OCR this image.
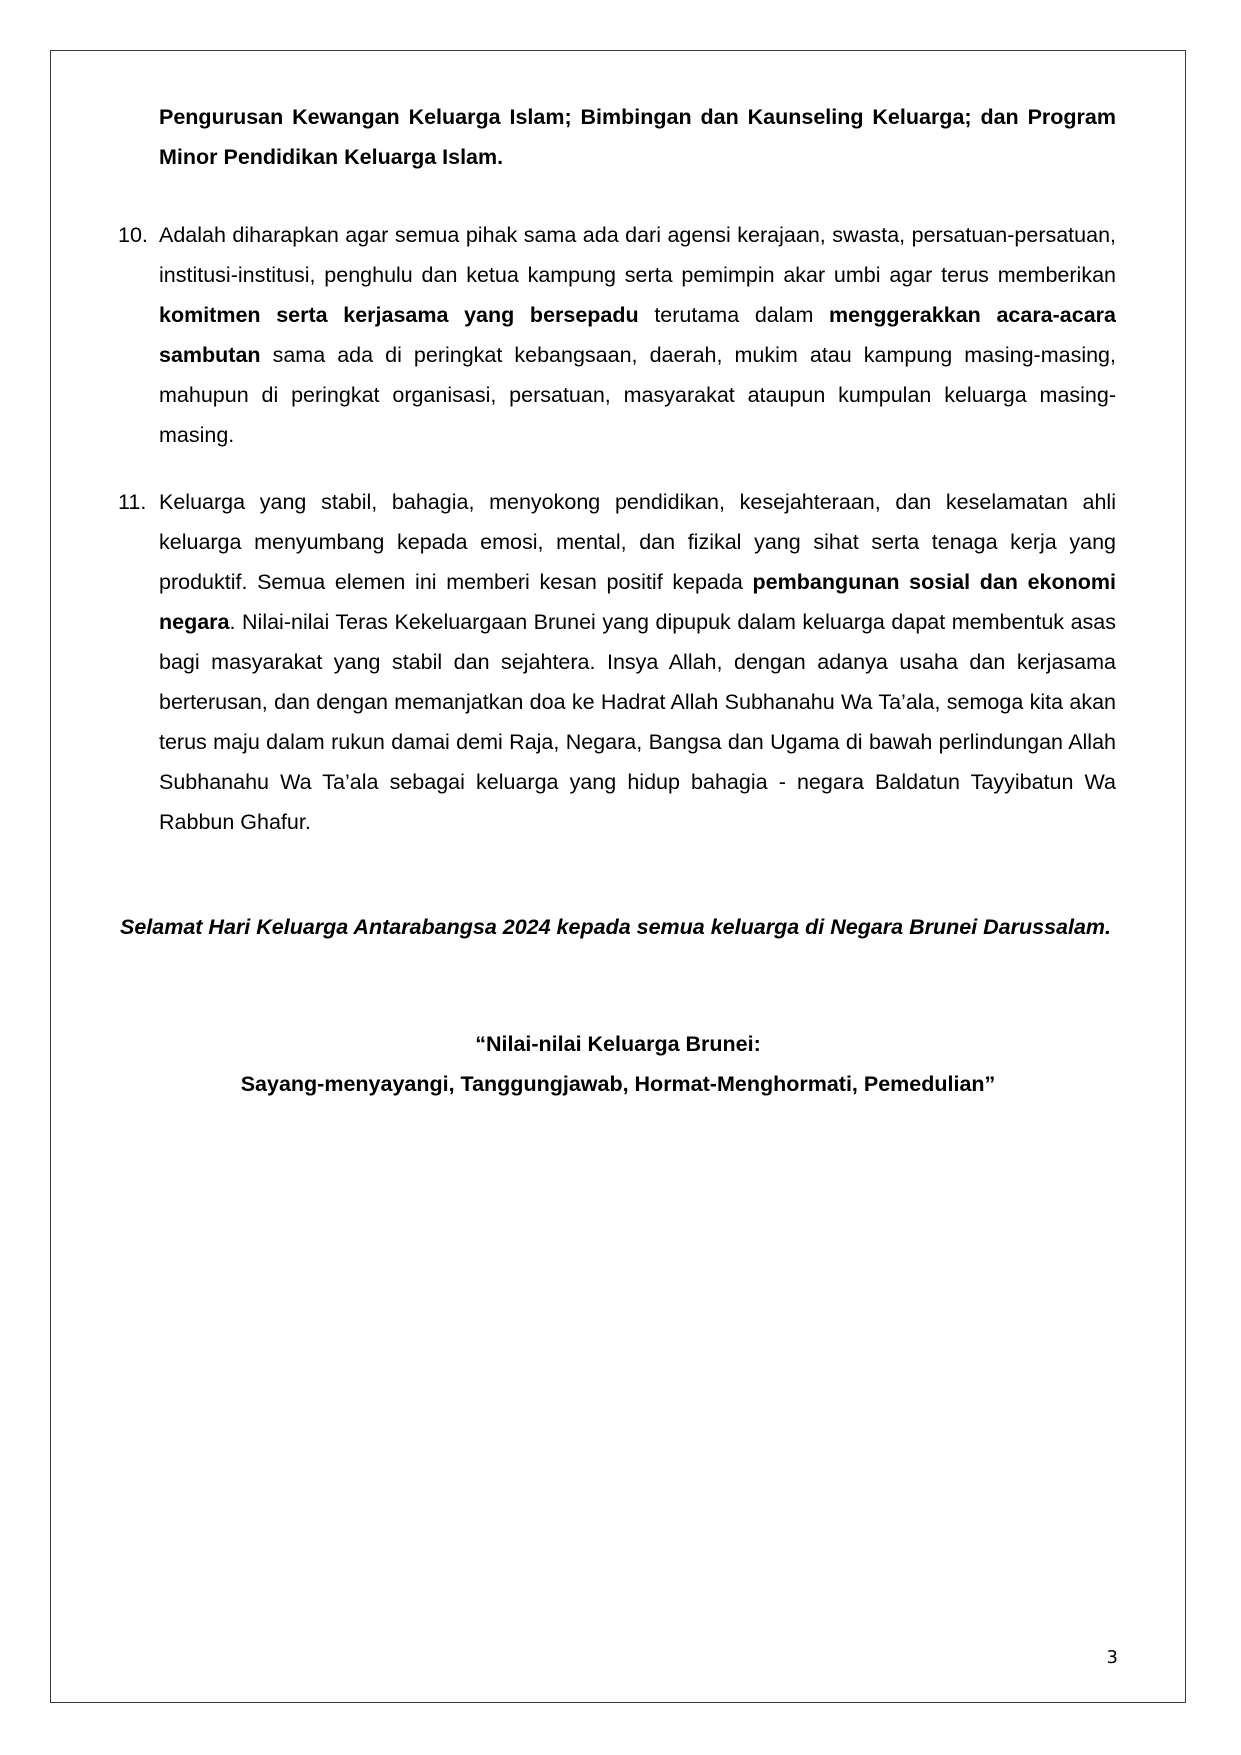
Pengurusan Kewangan Keluarga Islam; Bimbingan dan Kaunseling Keluarga; dan Program Minor Pendidikan Keluarga Islam.

10. Adalah diharapkan agar semua pihak sama ada dari agensi kerajaan, swasta, persatuan-persatuan, institusi-institusi, penghulu dan ketua kampung serta pemimpin akar umbi agar terus memberikan komitmen serta kerjasama yang bersepadu terutama dalam menggerakkan acara-acara sambutan sama ada di peringkat kebangsaan, daerah, mukim atau kampung masing-masing, mahupun di peringkat organisasi, persatuan, masyarakat ataupun kumpulan keluarga masing-masing.

11. Keluarga yang stabil, bahagia, menyokong pendidikan, kesejahteraan, dan keselamatan ahli keluarga menyumbang kepada emosi, mental, dan fizikal yang sihat serta tenaga kerja yang produktif. Semua elemen ini memberi kesan positif kepada pembangunan sosial dan ekonomi negara. Nilai-nilai Teras Kekeluargaan Brunei yang dipupuk dalam keluarga dapat membentuk asas bagi masyarakat yang stabil dan sejahtera. Insya Allah, dengan adanya usaha dan kerjasama berterusan, dan dengan memanjatkan doa ke Hadrat Allah Subhanahu Wa Ta’ala, semoga kita akan terus maju dalam rukun damai demi Raja, Negara, Bangsa dan Ugama di bawah perlindungan Allah Subhanahu Wa Ta’ala sebagai keluarga yang hidup bahagia - negara Baldatun Tayyibatun Wa Rabbun Ghafur.

Selamat Hari Keluarga Antarabangsa 2024 kepada semua keluarga di Negara Brunei Darussalam.

“Nilai-nilai Keluarga Brunei:
Sayang-menyayangi, Tanggungjawab, Hormat-Menghormati, Pemedulian”

3
